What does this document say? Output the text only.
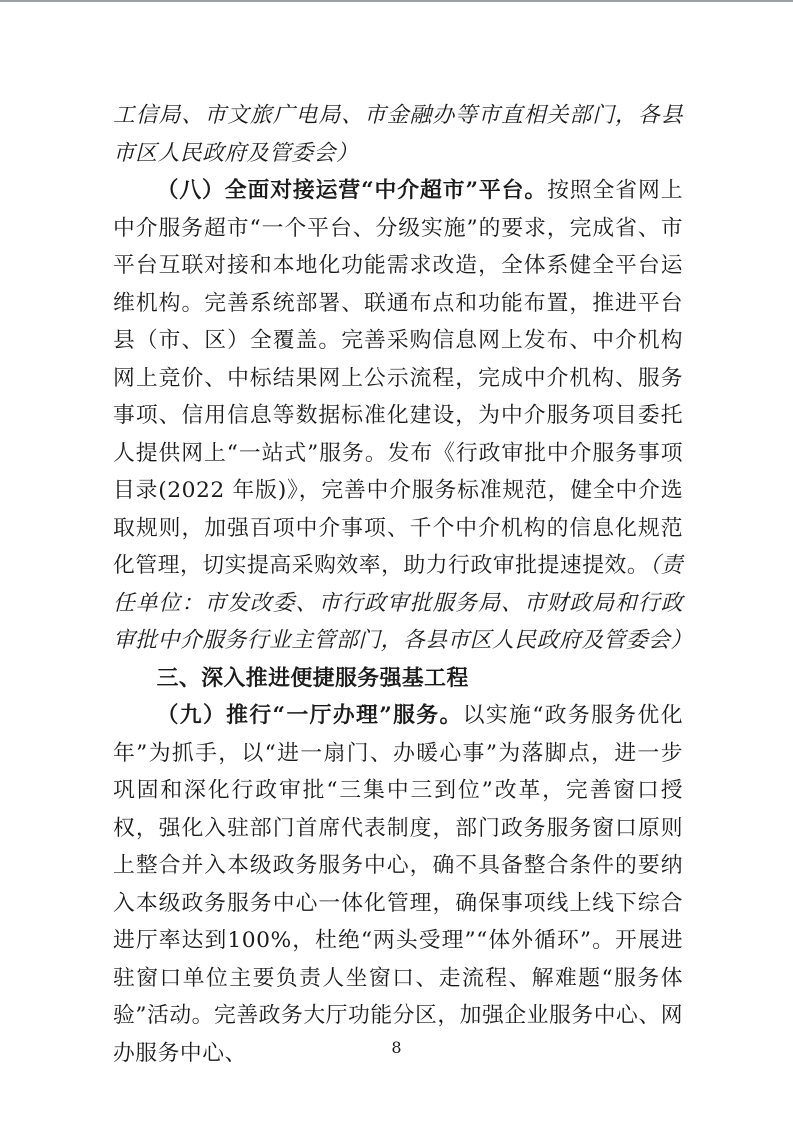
工信局、市文旅广电局、市金融办等市直相关部门，各县市区人民政府及管委会）

（八）全面对接运营“中介超市”平台。按照全省网上中介服务超市“一个平台、分级实施”的要求，完成省、市平台互联对接和本地化功能需求改造，全体系健全平台运维机构。完善系统部署、联通布点和功能布置，推进平台县（市、区）全覆盖。完善采购信息网上发布、中介机构网上竞价、中标结果网上公示流程，完成中介机构、服务事项、信用信息等数据标准化建设，为中介服务项目委托人提供网上“一站式”服务。发布《行政审批中介服务事项目录(2022 年版)》，完善中介服务标准规范，健全中介选取规则，加强百项中介事项、千个中介机构的信息化规范化管理，切实提高采购效率，助力行政审批提速提效。（责任单位：市发改委、市行政审批服务局、市财政局和行政审批中介服务行业主管部门，各县市区人民政府及管委会）

三、深入推进便捷服务强基工程

（九）推行“一厅办理”服务。以实施“政务服务优化年”为抓手，以“进一扇门、办暖心事”为落脚点，进一步巩固和深化行政审批“三集中三到位”改革，完善窗口授权，强化入驻部门首席代表制度，部门政务服务窗口原则上整合并入本级政务服务中心，确不具备整合条件的要纳入本级政务服务中心一体化管理，确保事项线上线下综合进厅率达到100%，杜绝“两头受理”“体外循环”。开展进驻窗口单位主要负责人坐窗口、走流程、解难题“服务体验”活动。完善政务大厅功能分区，加强企业服务中心、网办服务中心、	8
